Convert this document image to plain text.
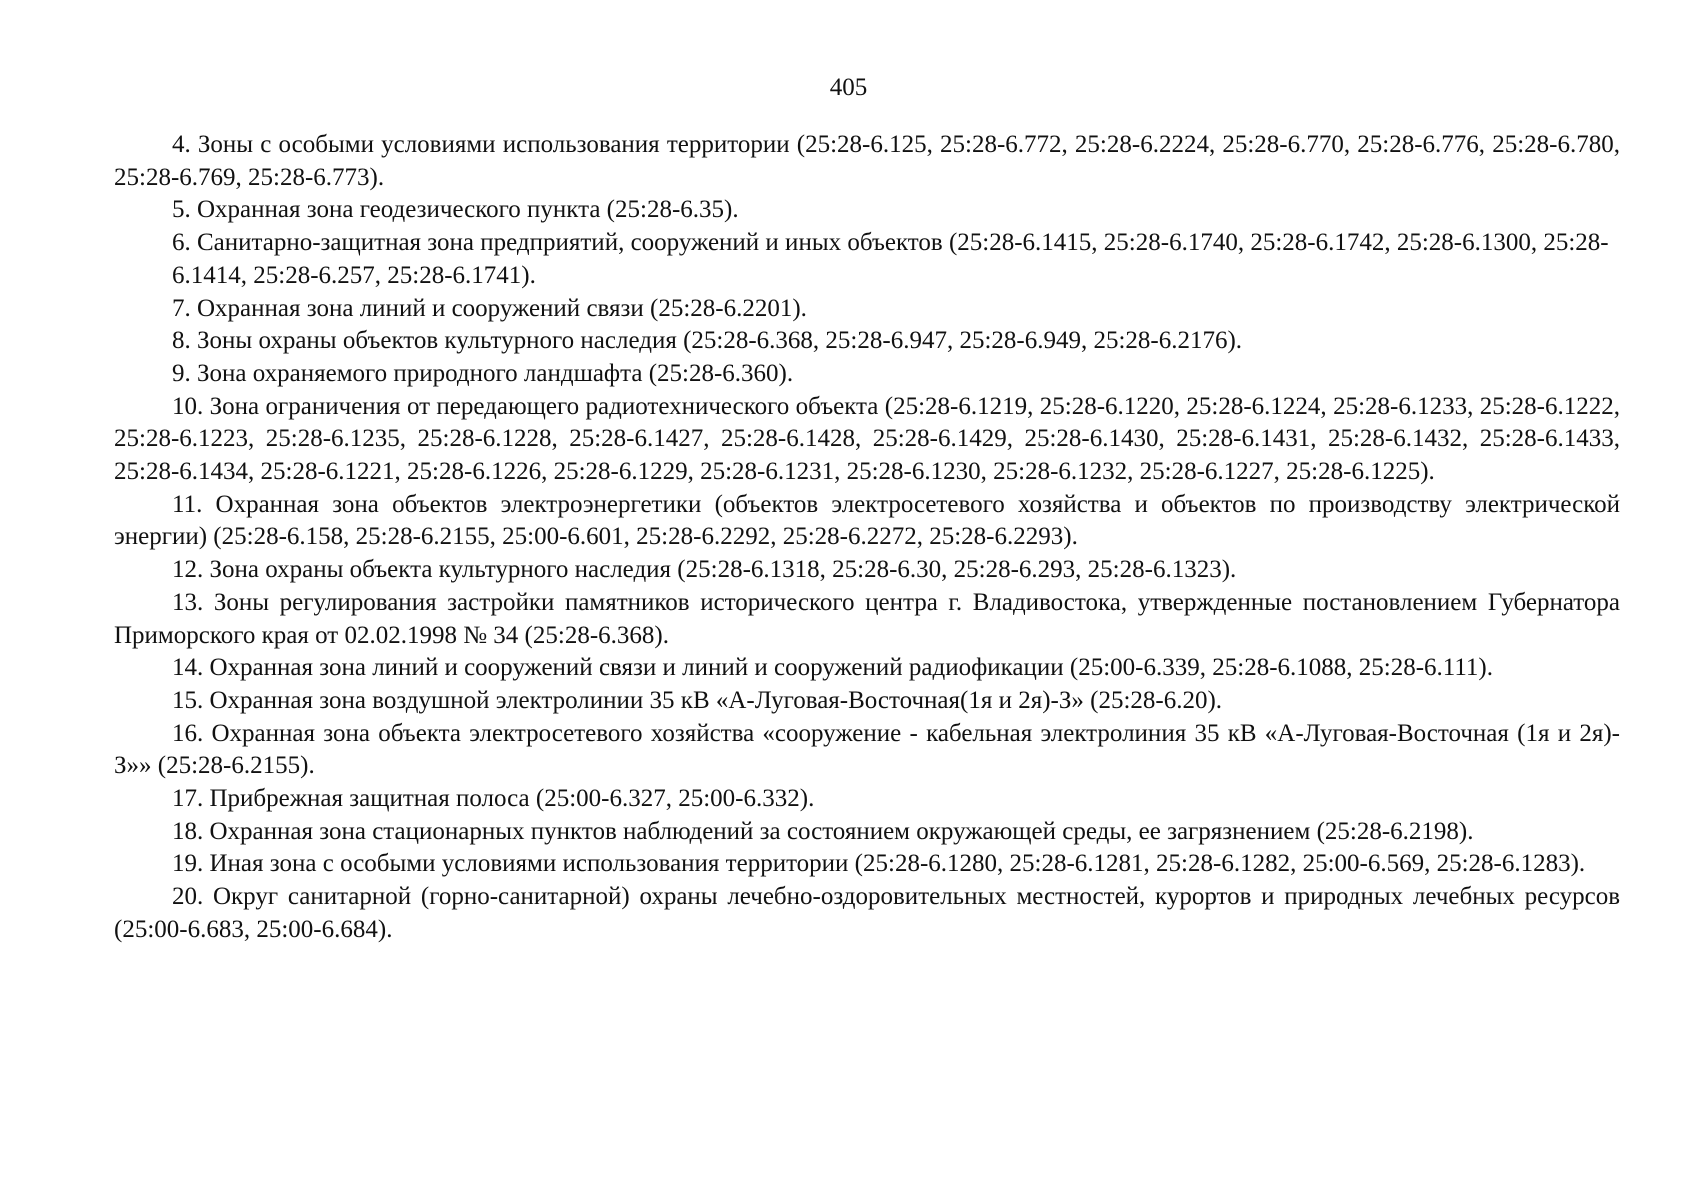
405

4. Зоны с особыми условиями использования территории (25:28-6.125, 25:28-6.772, 25:28-6.2224, 25:28-6.770, 25:28-6.776, 25:28-6.780, 25:28-6.769, 25:28-6.773).

5. Охранная зона геодезического пункта (25:28-6.35).

6. Санитарно-защитная зона предприятий, сооружений и иных объектов (25:28-6.1415, 25:28-6.1740, 25:28-6.1742, 25:28-6.1300, 25:28-6.1414, 25:28-6.257, 25:28-6.1741).

7. Охранная зона линий и сооружений связи (25:28-6.2201).

8. Зоны охраны объектов культурного наследия (25:28-6.368, 25:28-6.947, 25:28-6.949, 25:28-6.2176).

9. Зона охраняемого природного ландшафта (25:28-6.360).

10. Зона ограничения от передающего радиотехнического объекта (25:28-6.1219, 25:28-6.1220, 25:28-6.1224, 25:28-6.1233, 25:28-6.1222, 25:28-6.1223, 25:28-6.1235, 25:28-6.1228, 25:28-6.1427, 25:28-6.1428, 25:28-6.1429, 25:28-6.1430, 25:28-6.1431, 25:28-6.1432, 25:28-6.1433, 25:28-6.1434, 25:28-6.1221, 25:28-6.1226, 25:28-6.1229, 25:28-6.1231, 25:28-6.1230, 25:28-6.1232, 25:28-6.1227, 25:28-6.1225).

11. Охранная зона объектов электроэнергетики (объектов электросетевого хозяйства и объектов по производству электрической энергии) (25:28-6.158, 25:28-6.2155, 25:00-6.601, 25:28-6.2292, 25:28-6.2272, 25:28-6.2293).

12. Зона охраны объекта культурного наследия (25:28-6.1318, 25:28-6.30, 25:28-6.293, 25:28-6.1323).

13. Зоны регулирования застройки памятников исторического центра г. Владивостока, утвержденные постановлением Губернатора Приморского края от 02.02.1998 № 34 (25:28-6.368).

14. Охранная зона линий и сооружений связи и линий и сооружений радиофикации (25:00-6.339, 25:28-6.1088, 25:28-6.111).

15. Охранная зона воздушной электролинии 35 кВ «А-Луговая-Восточная(1я и 2я)-З» (25:28-6.20).

16. Охранная зона объекта электросетевого хозяйства «сооружение - кабельная электролиния 35 кВ «А-Луговая-Восточная (1я и 2я)-З»» (25:28-6.2155).

17. Прибрежная защитная полоса (25:00-6.327, 25:00-6.332).

18. Охранная зона стационарных пунктов наблюдений за состоянием окружающей среды, ее загрязнением (25:28-6.2198).

19. Иная зона с особыми условиями использования территории (25:28-6.1280, 25:28-6.1281, 25:28-6.1282, 25:00-6.569, 25:28-6.1283).

20. Округ санитарной (горно-санитарной) охраны лечебно-оздоровительных местностей, курортов и природных лечебных ресурсов (25:00-6.683, 25:00-6.684).
